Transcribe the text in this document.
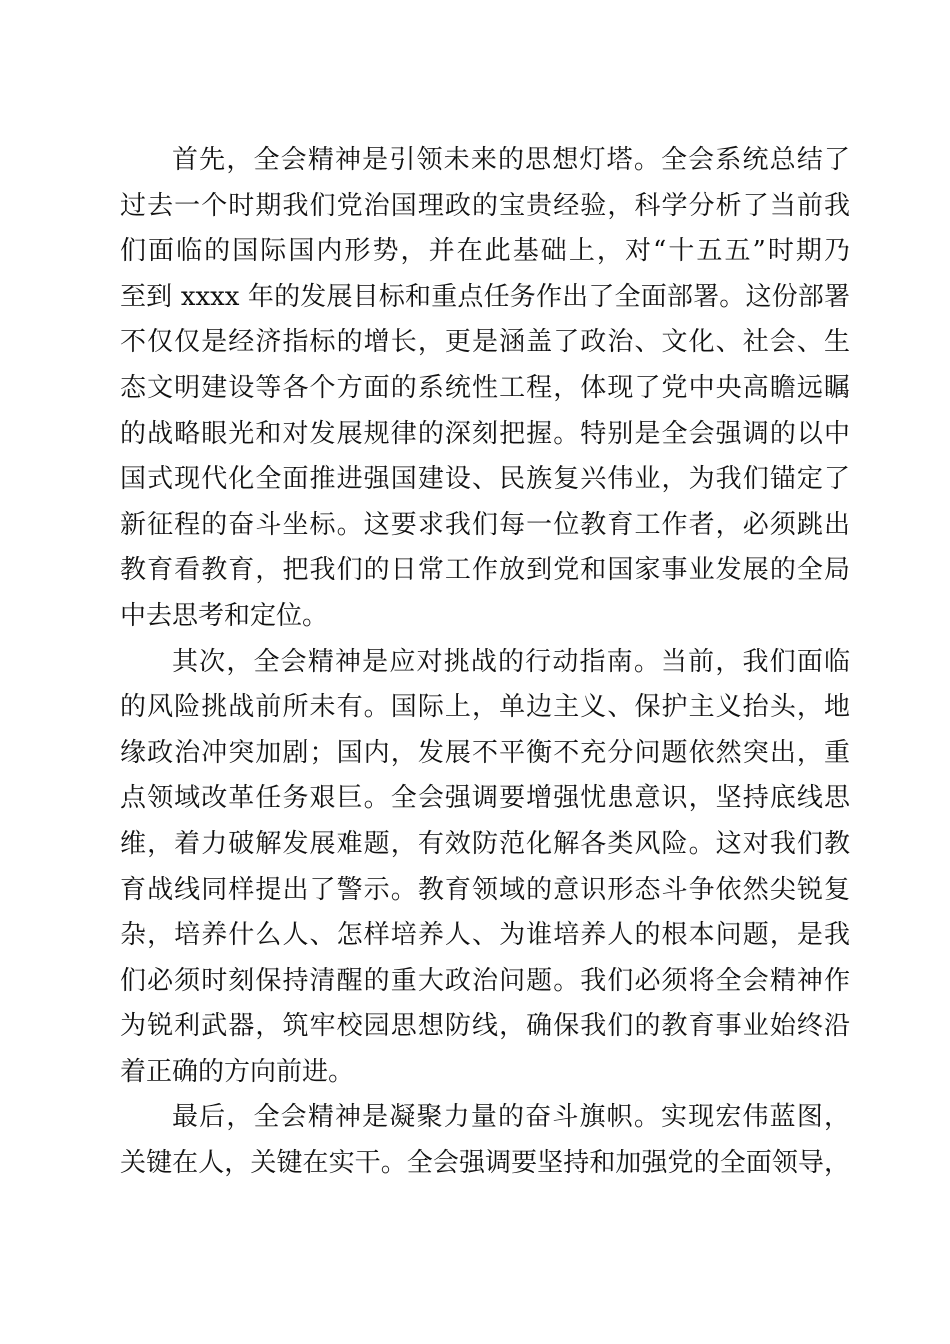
首先，全会精神是引领未来的思想灯塔。全会系统总结了
过去一个时期我们党治国理政的宝贵经验，科学分析了当前我
们面临的国际国内形势，并在此基础上，对“十五五”时期乃
至到 xxxx 年的发展目标和重点任务作出了全面部署。这份部署
不仅仅是经济指标的增长，更是涵盖了政治、文化、社会、生
态文明建设等各个方面的系统性工程，体现了党中央高瞻远瞩
的战略眼光和对发展规律的深刻把握。特别是全会强调的以中
国式现代化全面推进强国建设、民族复兴伟业，为我们锚定了
新征程的奋斗坐标。这要求我们每一位教育工作者，必须跳出
教育看教育，把我们的日常工作放到党和国家事业发展的全局
中去思考和定位。
其次，全会精神是应对挑战的行动指南。当前，我们面临
的风险挑战前所未有。国际上，单边主义、保护主义抬头，地
缘政治冲突加剧；国内，发展不平衡不充分问题依然突出，重
点领域改革任务艰巨。全会强调要增强忧患意识，坚持底线思
维，着力破解发展难题，有效防范化解各类风险。这对我们教
育战线同样提出了警示。教育领域的意识形态斗争依然尖锐复
杂，培养什么人、怎样培养人、为谁培养人的根本问题，是我
们必须时刻保持清醒的重大政治问题。我们必须将全会精神作
为锐利武器，筑牢校园思想防线，确保我们的教育事业始终沿
着正确的方向前进。
最后，全会精神是凝聚力量的奋斗旗帜。实现宏伟蓝图，
关键在人，关键在实干。全会强调要坚持和加强党的全面领导，
